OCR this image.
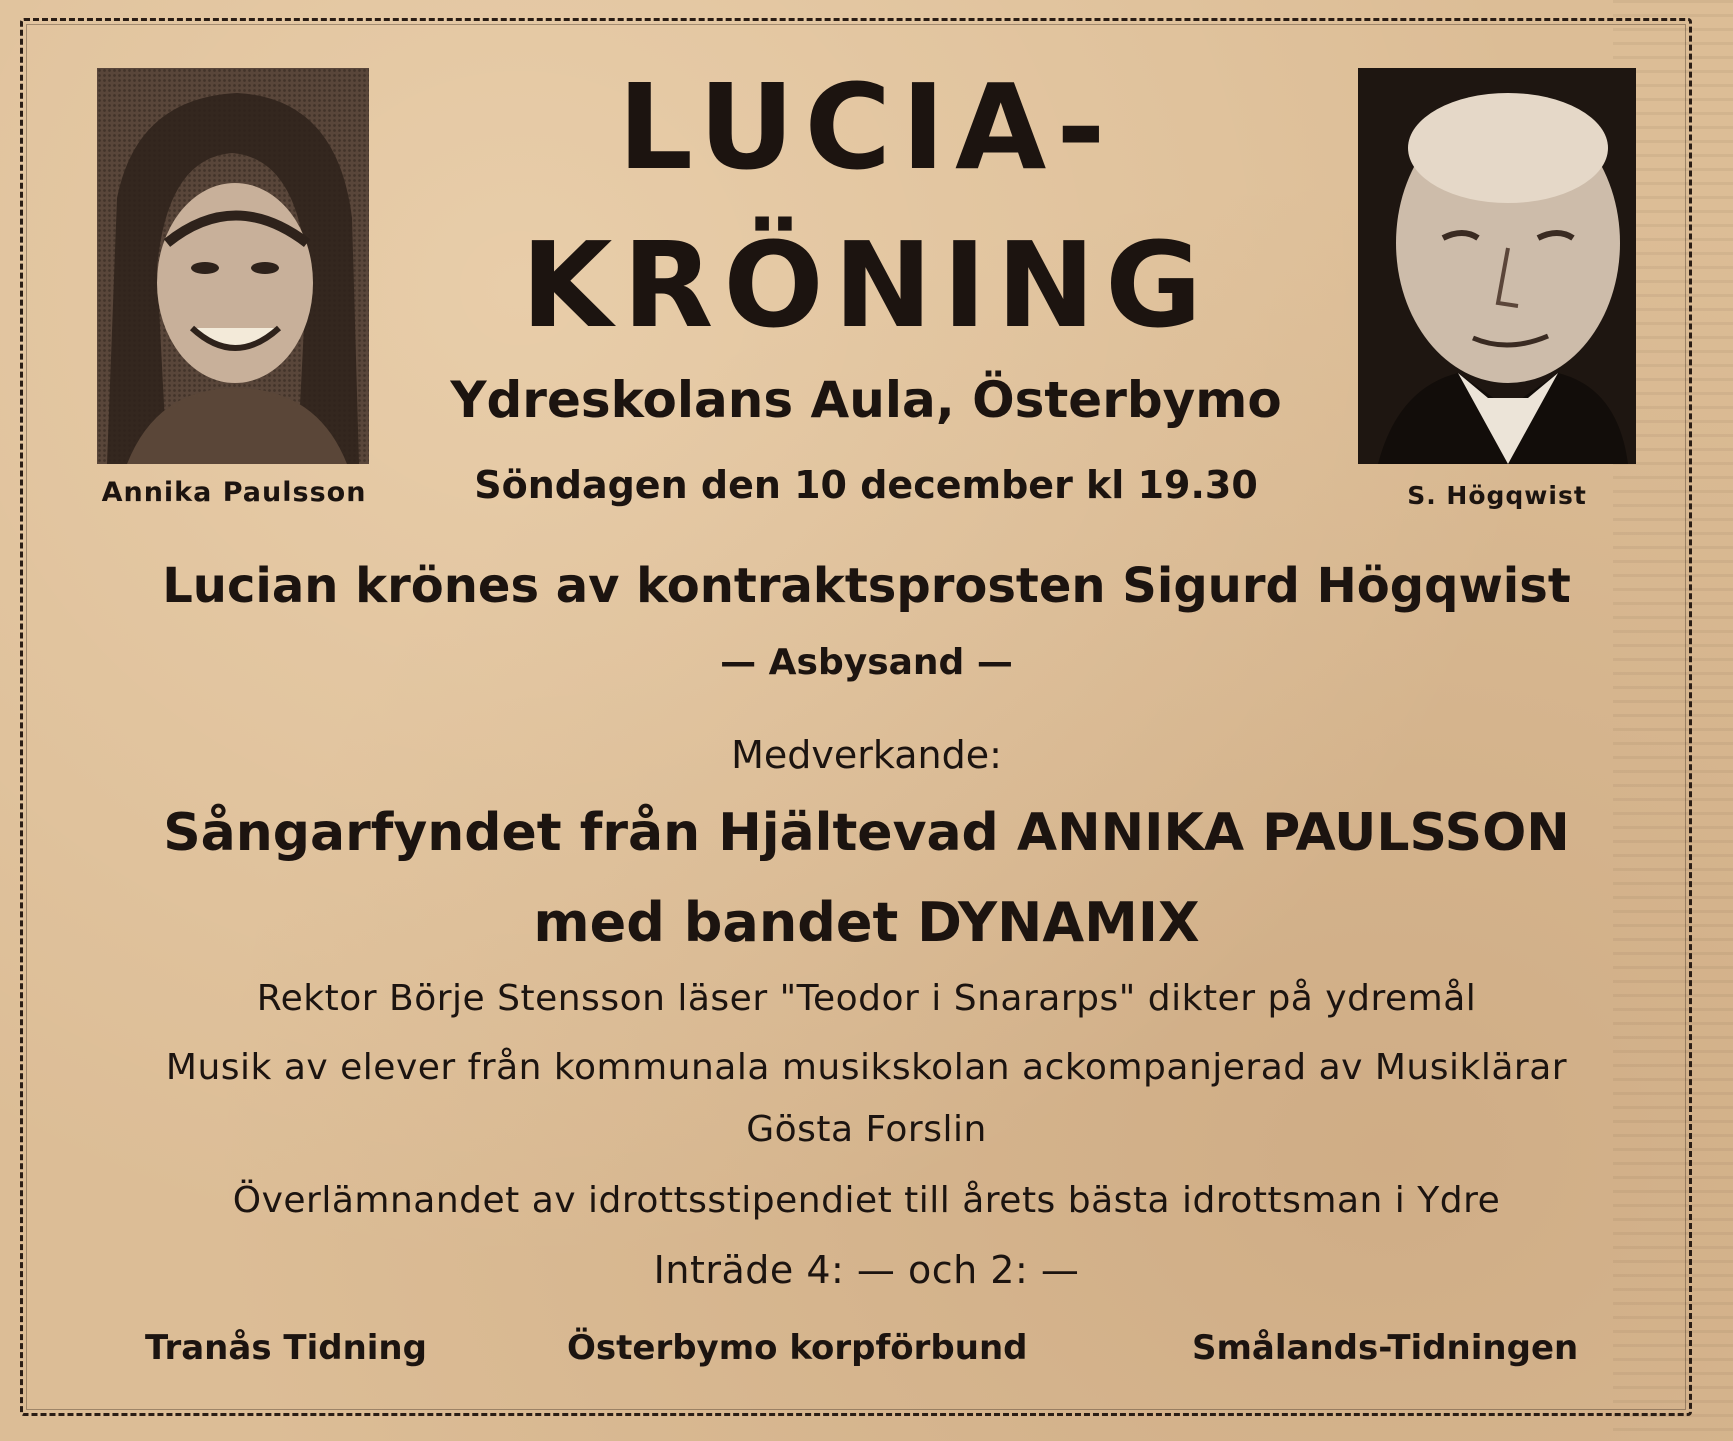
Annika Paulsson	S. Högqwist
LUCIA-
KRÖNING
Ydreskolans Aula, Österbymo
Söndagen den 10 december kl 19.30
Lucian krönes av kontraktsprosten Sigurd Högqwist
— Asbysand —
Medverkande:
Sångarfyndet från Hjältevad ANNIKA PAULSSON
med bandet DYNAMIX
Rektor Börje Stensson läser "Teodor i Snararps" dikter på ydremål
Musik av elever från kommunala musikskolan ackompanjerad av Musiklärar
Gösta Forslin
Överlämnandet av idrottsstipendiet till årets bästa idrottsman i Ydre
Inträde 4: — och 2: —
Tranås Tidning	Österbymo korpförbund	Smålands-Tidningen
